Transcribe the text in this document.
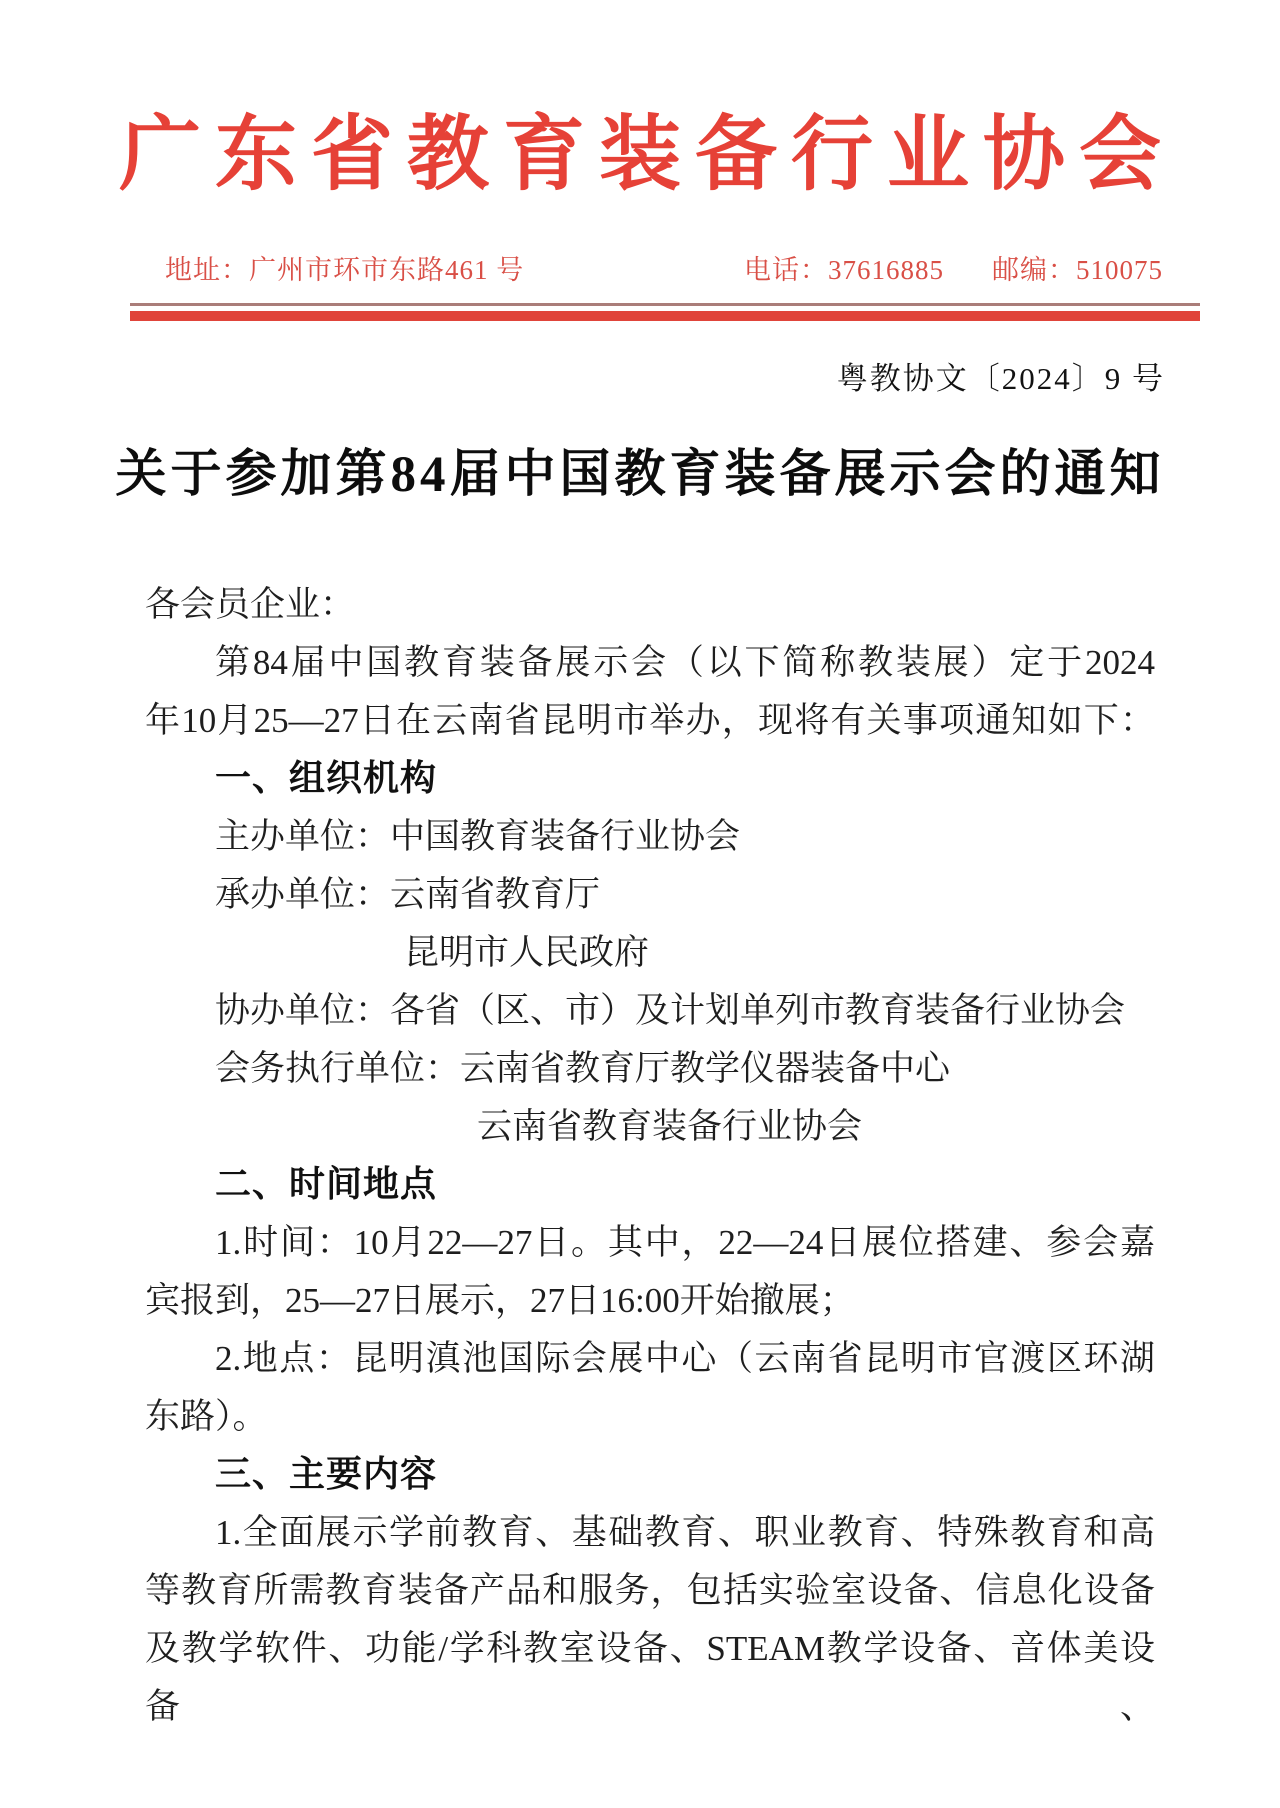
广东省教育装备行业协会
地址：广州市环市东路461 号	电话：37616885 邮编：510075
粤教协文〔2024〕9 号
关于参加第84届中国教育装备展示会的通知

各会员企业：

第84届中国教育装备展示会（以下简称教装展）定于2024

年10月25—27日在云南省昆明市举办，现将有关事项通知如下：

一、组织机构

主办单位：中国教育装备行业协会

承办单位：云南省教育厅

昆明市人民政府

协办单位：各省（区、市）及计划单列市教育装备行业协会

会务执行单位：云南省教育厅教学仪器装备中心

云南省教育装备行业协会

二、时间地点

1.时间：10月22—27日。其中，22—24日展位搭建、参会嘉

宾报到，25—27日展示，27日16:00开始撤展；

2.地点：昆明滇池国际会展中心（云南省昆明市官渡区环湖

东路）。

三、主要内容

1.全面展示学前教育、基础教育、职业教育、特殊教育和高

等教育所需教育装备产品和服务，包括实验室设备、信息化设备

及教学软件、功能/学科教室设备、STEAM教学设备、音体美设备、
